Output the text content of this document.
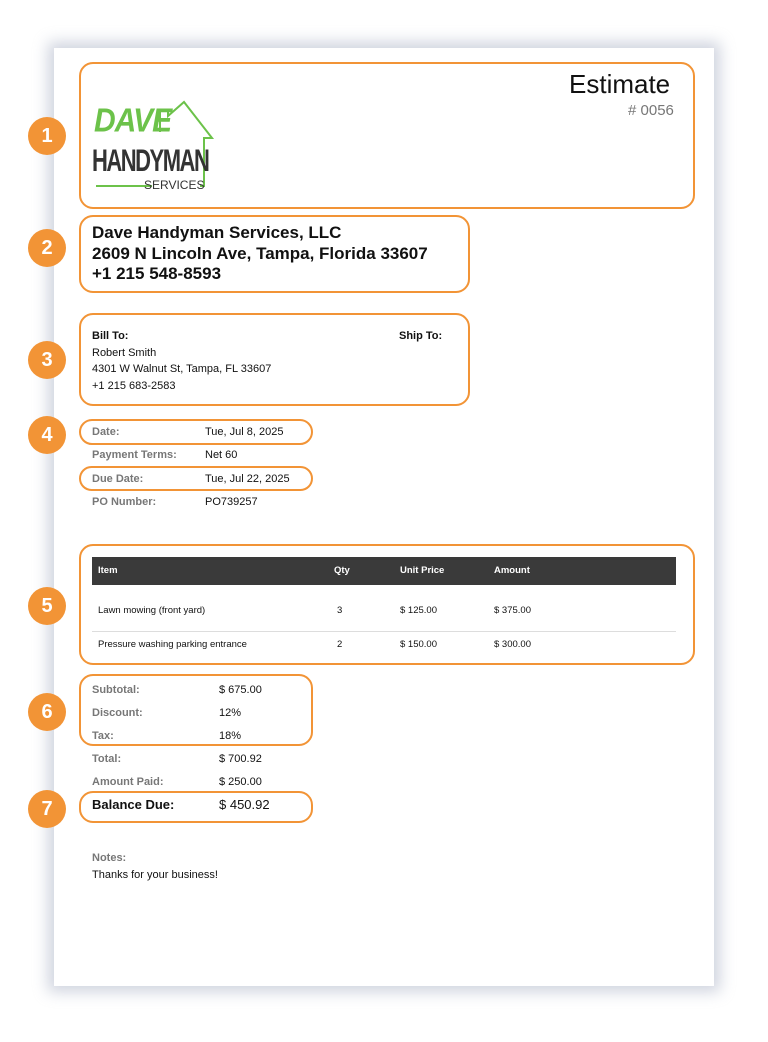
Estimate
# 0056
DAVE
HANDYMAN
SERVICES
Dave Handyman Services, LLC
2609 N Lincoln Ave, Tampa, Florida 33607
+1 215 548-8593
Bill To:	Ship To:
Robert Smith
4301 W Walnut St, Tampa, FL 33607
+1 215 683-2583
Date:	Tue, Jul 8, 2025
Payment Terms:	Net 60
Due Date:	Tue, Jul 22, 2025
PO Number:	PO739257
Item	Qty	Unit Price	Amount
Lawn mowing (front yard)	3	$ 125.00	$ 375.00
Pressure washing parking entrance	2	$ 150.00	$ 300.00
Subtotal:	$ 675.00
Discount:	12%
Tax:	18%
Total:	$ 700.92
Amount Paid:	$ 250.00
Balance Due:	$ 450.92
Notes:
Thanks for your business!
1
2
3
4
5
6
7
